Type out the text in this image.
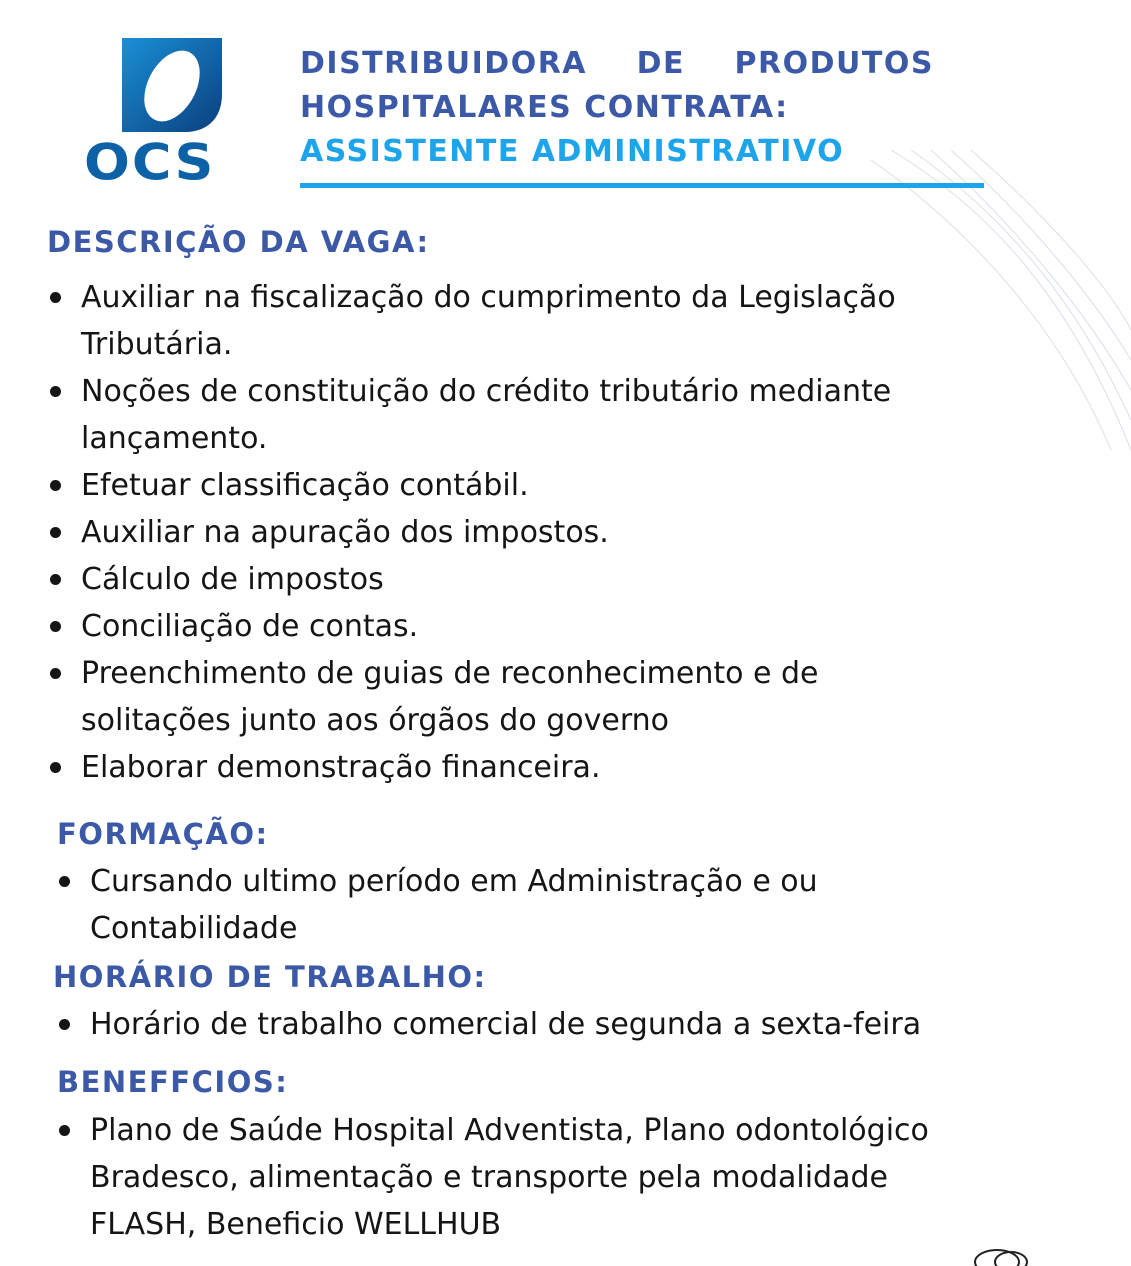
OCS
DISTRIBUIDORA DE PRODUTOS
HOSPITALARES CONTRATA:
ASSISTENTE ADMINISTRATIVO
DESCRIÇÃO DA VAGA:
Auxiliar na fiscalização do cumprimento da Legislação
Tributária.
Noções de constituição do crédito tributário mediante
lançamento.
Efetuar classificação contábil.
Auxiliar na apuração dos impostos.
Cálculo de impostos
Conciliação de contas.
Preenchimento de guias de reconhecimento e de
solitações junto aos órgãos do governo
Elaborar demonstração financeira.
FORMAÇÃO:
Cursando ultimo período em Administração e ou
Contabilidade
HORÁRIO DE TRABALHO:
Horário de trabalho comercial de segunda a sexta-feira
BENEFFCIOS:
Plano de Saúde Hospital Adventista, Plano odontológico
Bradesco, alimentação e transporte pela modalidade
FLASH, Beneficio WELLHUB
